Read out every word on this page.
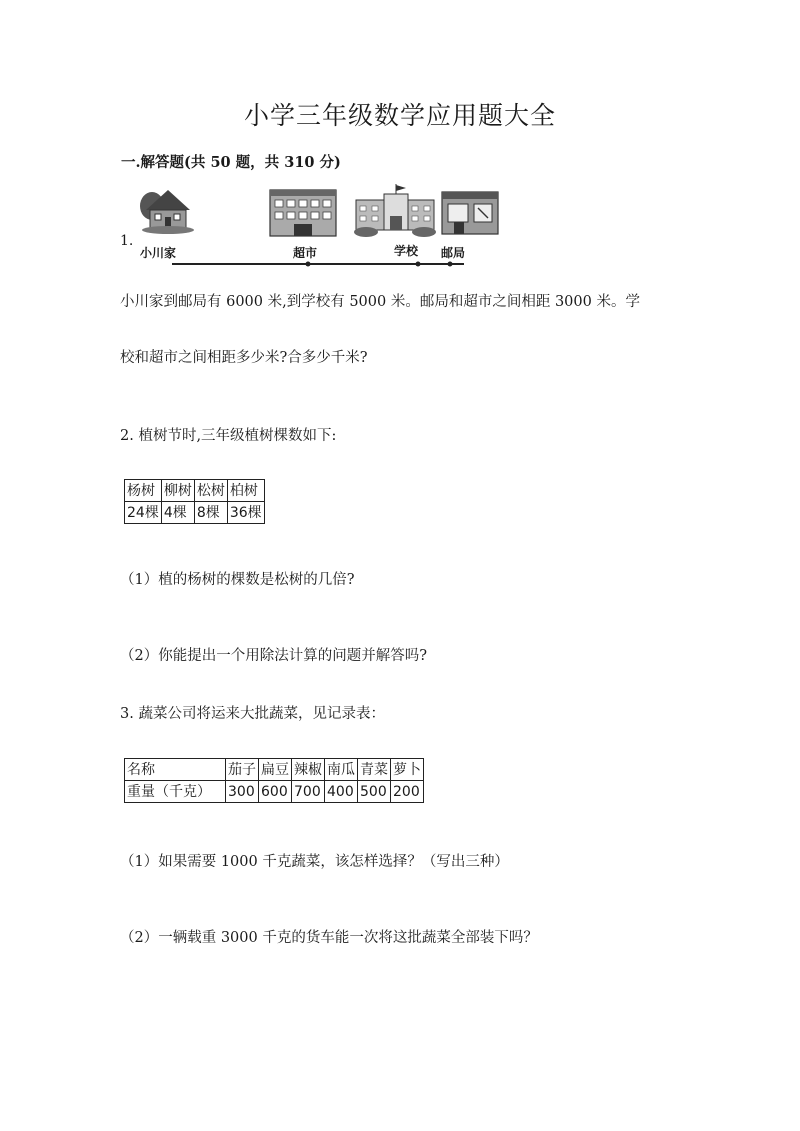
小学三年级数学应用题大全
一.解答题(共 50 题，共 310 分)
1.
小川家	超市	学校 邮局
小川家到邮局有 6000 米,到学校有 5000 米。邮局和超市之间相距 3000 米。学
校和超市之间相距多少米?合多少千米?
2. 植树节时,三年级植树棵数如下:
杨树	柳树	松树	柏树
24棵	4棵	8棵	36棵
（1）植的杨树的棵数是松树的几倍?
（2）你能提出一个用除法计算的问题并解答吗?
3. 蔬菜公司将运来大批蔬菜，见记录表：
名称	茄子	扁豆	辣椒	南瓜	青菜	萝卜
重量（千克）	300	600	700	400	500	200
（1）如果需要 1000 千克蔬菜，该怎样选择？（写出三种）
（2）一辆载重 3000 千克的货车能一次将这批蔬菜全部装下吗？
